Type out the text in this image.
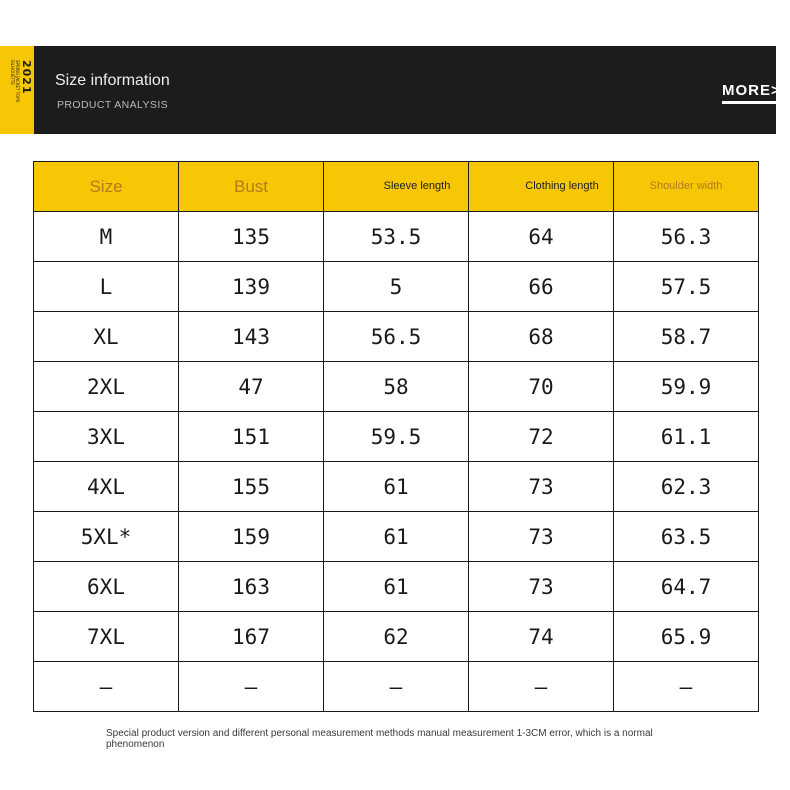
2021
SPRING JACKET TOPS
SILHOUETTE	Size information
PRODUCT ANALYSIS
MORE>
Size	Bust	Sleeve length	Clothing length	Shoulder width
M	135	53.5	64	56.3
L	139	5	66	57.5
XL	143	56.5	68	58.7
2XL	47	58	70	59.9
3XL	151	59.5	72	61.1
4XL	155	61	73	62.3
5XL*	159	61	73	63.5
6XL	163	61	73	64.7
7XL	167	62	74	65.9
—	—	—	—	—
Special product version and different personal measurement methods manual measurement 1-3CM error, which is a normal phenomenon
